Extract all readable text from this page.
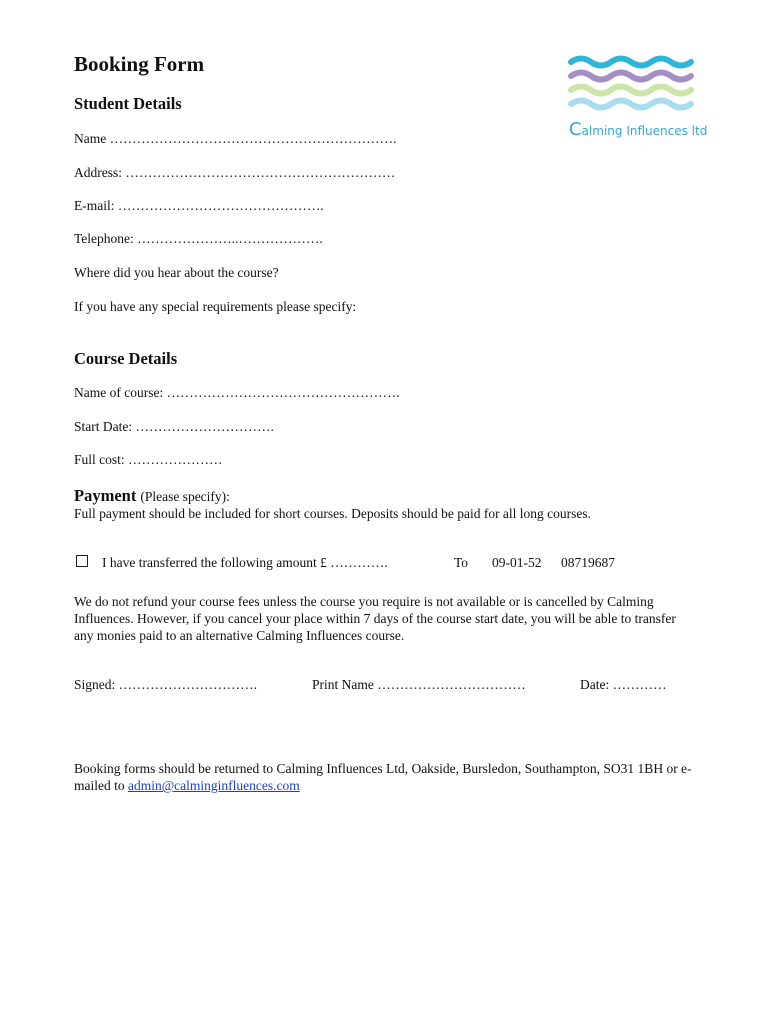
Booking Form
Calming Influences ltd
Student Details
Name ……………………………………………………….
Address: ……………………………………………………
E-mail: ……………………………………….
Telephone: …………………..……………….
Where did you hear about the course?
If you have any special requirements please specify:
Course Details
Name of course: …………………………………………….
Start Date: ………………………….
Full cost: …………………
Payment (Please specify):
Full payment should be included for short courses. Deposits should be paid for all long courses.
I have transferred the following amount £ ………….	To 09-01-52 08719687
We do not refund your course fees unless the course you require is not available or is cancelled by Calming Influences. However, if you cancel your place within 7 days of the course start date, you will be able to transfer any monies paid to an alternative Calming Influences course.
Signed: ………………………….	Print Name ……………………………	Date: …………
Booking forms should be returned to Calming Influences Ltd, Oakside, Bursledon, Southampton, SO31 1BH or e-mailed to admin@calminginfluences.com
